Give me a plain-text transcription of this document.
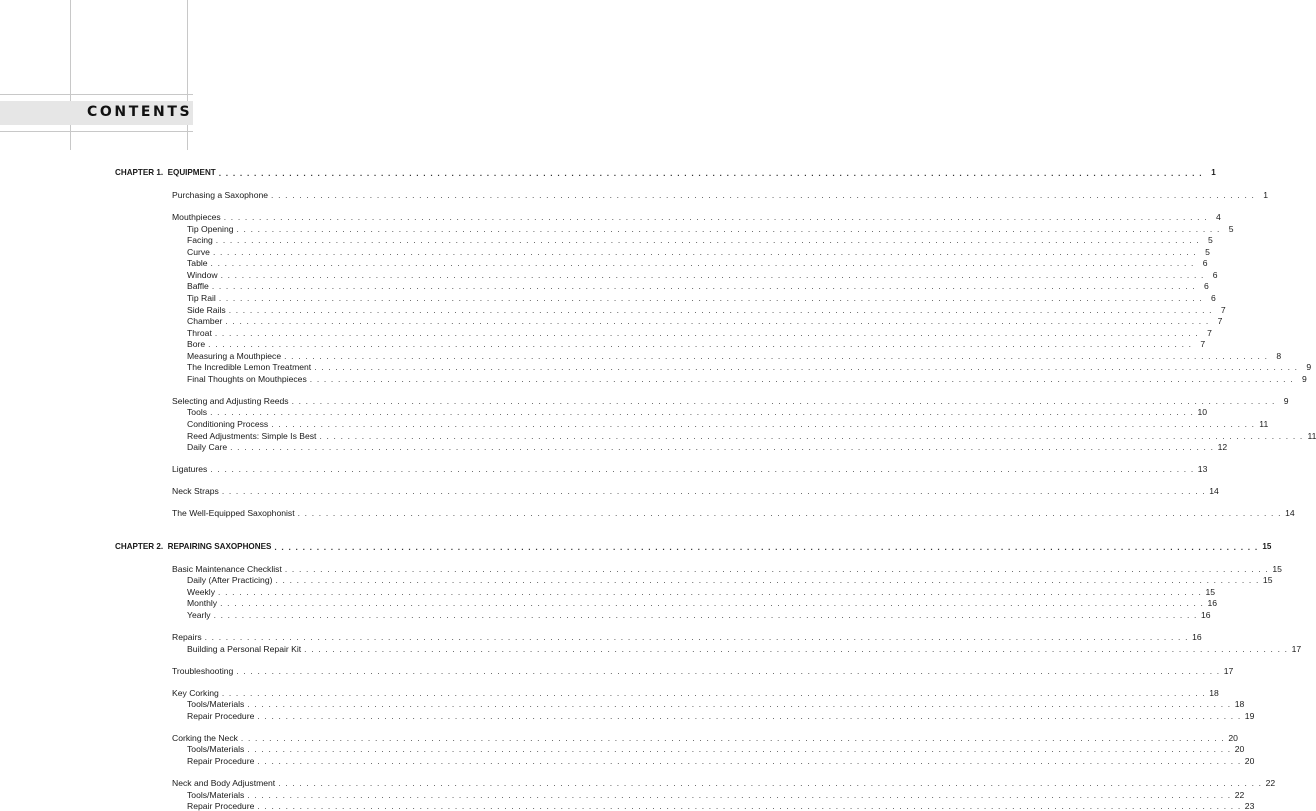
CONTENTS
CHAPTER 1. EQUIPMENT . . . . . . . . . . . . . . . . . . . . . . . . . . . . . . . . . . . . . . . . . . . . . . . . . . . . . . . . . . . . . . . . . . . . . . . . . . . . . . . . . . . . . . . . . . . . . . . . . . . . . . . . . . . . . . . . . . . . . . . . . . . . . . . . . . . . . . . . . . . .	1
Purchasing a Saxophone . . . . . . . . . . . . . . . . . . . . . . . . . . . . . . . . . . . . . . . . . . . . . . . . . . . . . . . . . . . . . . . . . . . . . . . . . . . . . . . . . . . . . . . . . . . . . . . . . . . . . . . . . . . . . . . . . . . . . . . . . . . . . . . . . . . . . . . . . . . . 1
Mouthpieces . . . . . . . . . . . . . . . . . . . . . . . . . . . . . . . . . . . . . . . . . . . . . . . . . . . . . . . . . . . . . . . . . . . . . . . . . . . . . . . . . . . . . . . . . . . . . . . . . . . . . . . . . . . . . . . . . . . . . . . . . . . . . . . . . . . . . . . . . . . . 4
Tip Opening . . . . . . . . . . . . . . . . . . . . . . . . . . . . . . . . . . . . . . . . . . . . . . . . . . . . . . . . . . . . . . . . . . . . . . . . . . . . . . . . . . . . . . . . . . . . . . . . . . . . . . . . . . . . . . . . . . . . . . . . . . . . . . . . . . . . . . . . . . . . 5
Facing . . . . . . . . . . . . . . . . . . . . . . . . . . . . . . . . . . . . . . . . . . . . . . . . . . . . . . . . . . . . . . . . . . . . . . . . . . . . . . . . . . . . . . . . . . . . . . . . . . . . . . . . . . . . . . . . . . . . . . . . . . . . . . . . . . . . . . . . . . . . 5
Curve . . . . . . . . . . . . . . . . . . . . . . . . . . . . . . . . . . . . . . . . . . . . . . . . . . . . . . . . . . . . . . . . . . . . . . . . . . . . . . . . . . . . . . . . . . . . . . . . . . . . . . . . . . . . . . . . . . . . . . . . . . . . . . . . . . . . . . . . . . . . 5
Table . . . . . . . . . . . . . . . . . . . . . . . . . . . . . . . . . . . . . . . . . . . . . . . . . . . . . . . . . . . . . . . . . . . . . . . . . . . . . . . . . . . . . . . . . . . . . . . . . . . . . . . . . . . . . . . . . . . . . . . . . . . . . . . . . . . . . . . . . . . . 6
Window . . . . . . . . . . . . . . . . . . . . . . . . . . . . . . . . . . . . . . . . . . . . . . . . . . . . . . . . . . . . . . . . . . . . . . . . . . . . . . . . . . . . . . . . . . . . . . . . . . . . . . . . . . . . . . . . . . . . . . . . . . . . . . . . . . . . . . . . . . . . 6
Baffle . . . . . . . . . . . . . . . . . . . . . . . . . . . . . . . . . . . . . . . . . . . . . . . . . . . . . . . . . . . . . . . . . . . . . . . . . . . . . . . . . . . . . . . . . . . . . . . . . . . . . . . . . . . . . . . . . . . . . . . . . . . . . . . . . . . . . . . . . . . . 6
Tip Rail . . . . . . . . . . . . . . . . . . . . . . . . . . . . . . . . . . . . . . . . . . . . . . . . . . . . . . . . . . . . . . . . . . . . . . . . . . . . . . . . . . . . . . . . . . . . . . . . . . . . . . . . . . . . . . . . . . . . . . . . . . . . . . . . . . . . . . . . . . . . 6
Side Rails . . . . . . . . . . . . . . . . . . . . . . . . . . . . . . . . . . . . . . . . . . . . . . . . . . . . . . . . . . . . . . . . . . . . . . . . . . . . . . . . . . . . . . . . . . . . . . . . . . . . . . . . . . . . . . . . . . . . . . . . . . . . . . . . . . . . . . . . . . . . 7
Chamber . . . . . . . . . . . . . . . . . . . . . . . . . . . . . . . . . . . . . . . . . . . . . . . . . . . . . . . . . . . . . . . . . . . . . . . . . . . . . . . . . . . . . . . . . . . . . . . . . . . . . . . . . . . . . . . . . . . . . . . . . . . . . . . . . . . . . . . . . . . . 7
Throat . . . . . . . . . . . . . . . . . . . . . . . . . . . . . . . . . . . . . . . . . . . . . . . . . . . . . . . . . . . . . . . . . . . . . . . . . . . . . . . . . . . . . . . . . . . . . . . . . . . . . . . . . . . . . . . . . . . . . . . . . . . . . . . . . . . . . . . . . . . . 7
Bore . . . . . . . . . . . . . . . . . . . . . . . . . . . . . . . . . . . . . . . . . . . . . . . . . . . . . . . . . . . . . . . . . . . . . . . . . . . . . . . . . . . . . . . . . . . . . . . . . . . . . . . . . . . . . . . . . . . . . . . . . . . . . . . . . . . . . . . . . . . . 7
Measuring a Mouthpiece . . . . . . . . . . . . . . . . . . . . . . . . . . . . . . . . . . . . . . . . . . . . . . . . . . . . . . . . . . . . . . . . . . . . . . . . . . . . . . . . . . . . . . . . . . . . . . . . . . . . . . . . . . . . . . . . . . . . . . . . . . . . . . . . . . . . . . . . . . . . 8
The Incredible Lemon Treatment . . . . . . . . . . . . . . . . . . . . . . . . . . . . . . . . . . . . . . . . . . . . . . . . . . . . . . . . . . . . . . . . . . . . . . . . . . . . . . . . . . . . . . . . . . . . . . . . . . . . . . . . . . . . . . . . . . . . . . . . . . . . . . . . . . . . . . . . . . . . 9
Final Thoughts on Mouthpieces . . . . . . . . . . . . . . . . . . . . . . . . . . . . . . . . . . . . . . . . . . . . . . . . . . . . . . . . . . . . . . . . . . . . . . . . . . . . . . . . . . . . . . . . . . . . . . . . . . . . . . . . . . . . . . . . . . . . . . . . . . . . . . . . . . . . . . . . . . . . 9
Selecting and Adjusting Reeds . . . . . . . . . . . . . . . . . . . . . . . . . . . . . . . . . . . . . . . . . . . . . . . . . . . . . . . . . . . . . . . . . . . . . . . . . . . . . . . . . . . . . . . . . . . . . . . . . . . . . . . . . . . . . . . . . . . . . . . . . . . . . . . . . . . . . . . . . . . . 9
Tools . . . . . . . . . . . . . . . . . . . . . . . . . . . . . . . . . . . . . . . . . . . . . . . . . . . . . . . . . . . . . . . . . . . . . . . . . . . . . . . . . . . . . . . . . . . . . . . . . . . . . . . . . . . . . . . . . . . . . . . . . . . . . . . . . . . . . . . . . . . . 10
Conditioning Process . . . . . . . . . . . . . . . . . . . . . . . . . . . . . . . . . . . . . . . . . . . . . . . . . . . . . . . . . . . . . . . . . . . . . . . . . . . . . . . . . . . . . . . . . . . . . . . . . . . . . . . . . . . . . . . . . . . . . . . . . . . . . . . . . . . . . . . . . . . . 11
Reed Adjustments: Simple Is Best . . . . . . . . . . . . . . . . . . . . . . . . . . . . . . . . . . . . . . . . . . . . . . . . . . . . . . . . . . . . . . . . . . . . . . . . . . . . . . . . . . . . . . . . . . . . . . . . . . . . . . . . . . . . . . . . . . . . . . . . . . . . . . . . . . . . . . . . . . . . 11
Daily Care . . . . . . . . . . . . . . . . . . . . . . . . . . . . . . . . . . . . . . . . . . . . . . . . . . . . . . . . . . . . . . . . . . . . . . . . . . . . . . . . . . . . . . . . . . . . . . . . . . . . . . . . . . . . . . . . . . . . . . . . . . . . . . . . . . . . . . . . . . . . 12
Ligatures . . . . . . . . . . . . . . . . . . . . . . . . . . . . . . . . . . . . . . . . . . . . . . . . . . . . . . . . . . . . . . . . . . . . . . . . . . . . . . . . . . . . . . . . . . . . . . . . . . . . . . . . . . . . . . . . . . . . . . . . . . . . . . . . . . . . . . . . . . . . 13
Neck Straps . . . . . . . . . . . . . . . . . . . . . . . . . . . . . . . . . . . . . . . . . . . . . . . . . . . . . . . . . . . . . . . . . . . . . . . . . . . . . . . . . . . . . . . . . . . . . . . . . . . . . . . . . . . . . . . . . . . . . . . . . . . . . . . . . . . . . . . . . . . . 14
The Well-Equipped Saxophonist . . . . . . . . . . . . . . . . . . . . . . . . . . . . . . . . . . . . . . . . . . . . . . . . . . . . . . . . . . . . . . . . . . . . . . . . . . . . . . . . . . . . . . . . . . . . . . . . . . . . . . . . . . . . . . . . . . . . . . . . . . . . . . . . . . . . . . . . . . . . 14
CHAPTER 2. REPAIRING SAXOPHONES . . . . . . . . . . . . . . . . . . . . . . . . . . . . . . . . . . . . . . . . . . . . . . . . . . . . . . . . . . . . . . . . . . . . . . . . . . . . . . . . . . . . . . . . . . . . . . . . . . . . . . . . . . . . . . . . . . . . . . . . . . . . . . . . . . . . . . . . . . . . 15
Basic Maintenance Checklist . . . . . . . . . . . . . . . . . . . . . . . . . . . . . . . . . . . . . . . . . . . . . . . . . . . . . . . . . . . . . . . . . . . . . . . . . . . . . . . . . . . . . . . . . . . . . . . . . . . . . . . . . . . . . . . . . . . . . . . . . . . . . . . . . . . . . . . . . . . . 15
Daily (After Practicing) . . . . . . . . . . . . . . . . . . . . . . . . . . . . . . . . . . . . . . . . . . . . . . . . . . . . . . . . . . . . . . . . . . . . . . . . . . . . . . . . . . . . . . . . . . . . . . . . . . . . . . . . . . . . . . . . . . . . . . . . . . . . . . . . . . . . . . . . . . . . 15
Weekly . . . . . . . . . . . . . . . . . . . . . . . . . . . . . . . . . . . . . . . . . . . . . . . . . . . . . . . . . . . . . . . . . . . . . . . . . . . . . . . . . . . . . . . . . . . . . . . . . . . . . . . . . . . . . . . . . . . . . . . . . . . . . . . . . . . . . . . . . . . . 15
Monthly . . . . . . . . . . . . . . . . . . . . . . . . . . . . . . . . . . . . . . . . . . . . . . . . . . . . . . . . . . . . . . . . . . . . . . . . . . . . . . . . . . . . . . . . . . . . . . . . . . . . . . . . . . . . . . . . . . . . . . . . . . . . . . . . . . . . . . . . . . . . 16
Yearly . . . . . . . . . . . . . . . . . . . . . . . . . . . . . . . . . . . . . . . . . . . . . . . . . . . . . . . . . . . . . . . . . . . . . . . . . . . . . . . . . . . . . . . . . . . . . . . . . . . . . . . . . . . . . . . . . . . . . . . . . . . . . . . . . . . . . . . . . . . . 16
Repairs . . . . . . . . . . . . . . . . . . . . . . . . . . . . . . . . . . . . . . . . . . . . . . . . . . . . . . . . . . . . . . . . . . . . . . . . . . . . . . . . . . . . . . . . . . . . . . . . . . . . . . . . . . . . . . . . . . . . . . . . . . . . . . . . . . . . . . . . . . . . 16
Building a Personal Repair Kit . . . . . . . . . . . . . . . . . . . . . . . . . . . . . . . . . . . . . . . . . . . . . . . . . . . . . . . . . . . . . . . . . . . . . . . . . . . . . . . . . . . . . . . . . . . . . . . . . . . . . . . . . . . . . . . . . . . . . . . . . . . . . . . . . . . . . . . . . . . . 17
Troubleshooting . . . . . . . . . . . . . . . . . . . . . . . . . . . . . . . . . . . . . . . . . . . . . . . . . . . . . . . . . . . . . . . . . . . . . . . . . . . . . . . . . . . . . . . . . . . . . . . . . . . . . . . . . . . . . . . . . . . . . . . . . . . . . . . . . . . . . . . . . . . . 17
Key Corking . . . . . . . . . . . . . . . . . . . . . . . . . . . . . . . . . . . . . . . . . . . . . . . . . . . . . . . . . . . . . . . . . . . . . . . . . . . . . . . . . . . . . . . . . . . . . . . . . . . . . . . . . . . . . . . . . . . . . . . . . . . . . . . . . . . . . . . . . . . . 18
Tools/Materials . . . . . . . . . . . . . . . . . . . . . . . . . . . . . . . . . . . . . . . . . . . . . . . . . . . . . . . . . . . . . . . . . . . . . . . . . . . . . . . . . . . . . . . . . . . . . . . . . . . . . . . . . . . . . . . . . . . . . . . . . . . . . . . . . . . . . . . . . . . . 18
Repair Procedure . . . . . . . . . . . . . . . . . . . . . . . . . . . . . . . . . . . . . . . . . . . . . . . . . . . . . . . . . . . . . . . . . . . . . . . . . . . . . . . . . . . . . . . . . . . . . . . . . . . . . . . . . . . . . . . . . . . . . . . . . . . . . . . . . . . . . . . . . . . . 19
Corking the Neck . . . . . . . . . . . . . . . . . . . . . . . . . . . . . . . . . . . . . . . . . . . . . . . . . . . . . . . . . . . . . . . . . . . . . . . . . . . . . . . . . . . . . . . . . . . . . . . . . . . . . . . . . . . . . . . . . . . . . . . . . . . . . . . . . . . . . . . . . . . . 20
Tools/Materials . . . . . . . . . . . . . . . . . . . . . . . . . . . . . . . . . . . . . . . . . . . . . . . . . . . . . . . . . . . . . . . . . . . . . . . . . . . . . . . . . . . . . . . . . . . . . . . . . . . . . . . . . . . . . . . . . . . . . . . . . . . . . . . . . . . . . . . . . . . . 20
Repair Procedure . . . . . . . . . . . . . . . . . . . . . . . . . . . . . . . . . . . . . . . . . . . . . . . . . . . . . . . . . . . . . . . . . . . . . . . . . . . . . . . . . . . . . . . . . . . . . . . . . . . . . . . . . . . . . . . . . . . . . . . . . . . . . . . . . . . . . . . . . . . . 20
Neck and Body Adjustment . . . . . . . . . . . . . . . . . . . . . . . . . . . . . . . . . . . . . . . . . . . . . . . . . . . . . . . . . . . . . . . . . . . . . . . . . . . . . . . . . . . . . . . . . . . . . . . . . . . . . . . . . . . . . . . . . . . . . . . . . . . . . . . . . . . . . . . . . . . . 22
Tools/Materials . . . . . . . . . . . . . . . . . . . . . . . . . . . . . . . . . . . . . . . . . . . . . . . . . . . . . . . . . . . . . . . . . . . . . . . . . . . . . . . . . . . . . . . . . . . . . . . . . . . . . . . . . . . . . . . . . . . . . . . . . . . . . . . . . . . . . . . . . . . . 22
Repair Procedure . . . . . . . . . . . . . . . . . . . . . . . . . . . . . . . . . . . . . . . . . . . . . . . . . . . . . . . . . . . . . . . . . . . . . . . . . . . . . . . . . . . . . . . . . . . . . . . . . . . . . . . . . . . . . . . . . . . . . . . . . . . . . . . . . . . . . . . . . . . . 23
